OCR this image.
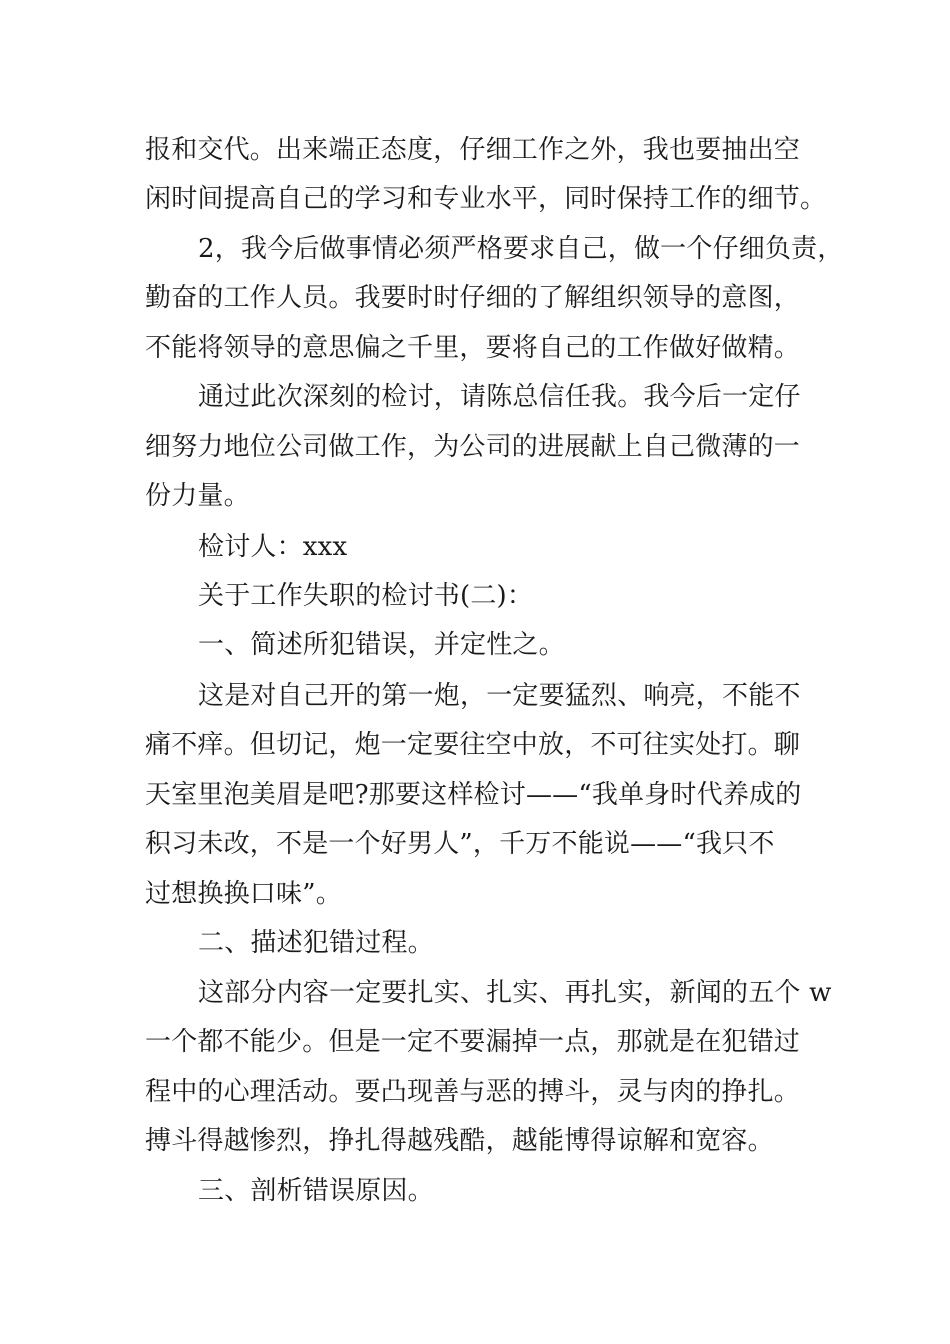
报和交代。出来端正态度，仔细工作之外，我也要抽出空
闲时间提高自己的学习和专业水平，同时保持工作的细节。
2，我今后做事情必须严格要求自己，做一个仔细负责，
勤奋的工作人员。我要时时仔细的了解组织领导的意图，
不能将领导的意思偏之千里，要将自己的工作做好做精。
通过此次深刻的检讨，请陈总信任我。我今后一定仔
细努力地位公司做工作，为公司的进展献上自己微薄的一
份力量。
检讨人：xxx
关于工作失职的检讨书(二)：
一、简述所犯错误，并定性之。
这是对自己开的第一炮，一定要猛烈、响亮，不能不
痛不痒。但切记，炮一定要往空中放，不可往实处打。聊
天室里泡美眉是吧?那要这样检讨——“我单身时代养成的
积习未改，不是一个好男人”，千万不能说——“我只不
过想换换口味”。
二、描述犯错过程。
这部分内容一定要扎实、扎实、再扎实，新闻的五个 w
一个都不能少。但是一定不要漏掉一点，那就是在犯错过
程中的心理活动。要凸现善与恶的搏斗，灵与肉的挣扎。
搏斗得越惨烈，挣扎得越残酷，越能博得谅解和宽容。
三、剖析错误原因。
